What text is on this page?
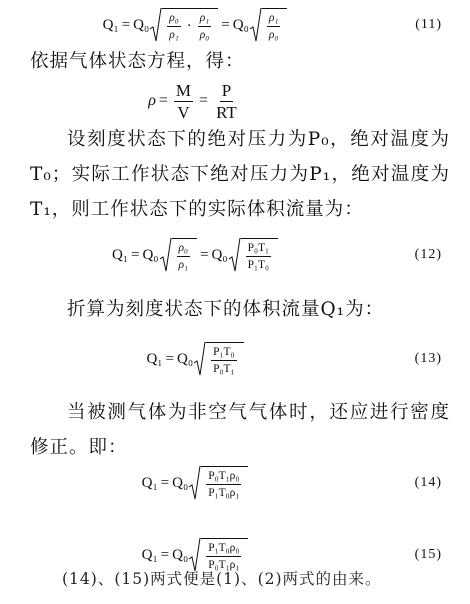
$Q_1 = Q_0 \frac{\text{ρ₀}}{\text{ρ₁}} \cdot \frac{\text{ρ₁}}{\text{ρ₀}} = Q_0 \frac{\text{ρ₁}}{\text{ρ₀}}$	(11)

依据气体状态方程，得：

$\rho = \frac{M}{V} = \frac{P}{RT}$

设刻度状态下的绝对压力为P₀，绝对温度为T₀；实际工作状态下绝对压力为P₁，绝对温度为T₁，则工作状态下的实际体积流量为：

$Q_1 = Q_0 \frac{\text{ρ₀}}{\text{ρ₁}} = Q_0 \frac{\text{P₀T₁}}{\text{P₁T₀}}$	(12)

折算为刻度状态下的体积流量Q₁为：

$Q_1 = Q_0 \frac{\text{P₁T₀}}{\text{P₀T₁}}$	(13)

当被测气体为非空气气体时，还应进行密度修正。即：

$Q_1 = Q_0 \frac{\text{P₀T₁ρ₀}}{\text{P₁T₀ρ₁}}$	(14)
$Q_1 = Q_0 \frac{\text{P₁T₀ρ₀}}{\text{P₀T₁ρ₁}}$	(15)
(14)、(15)两式便是(1)、(2)两式的由来。
